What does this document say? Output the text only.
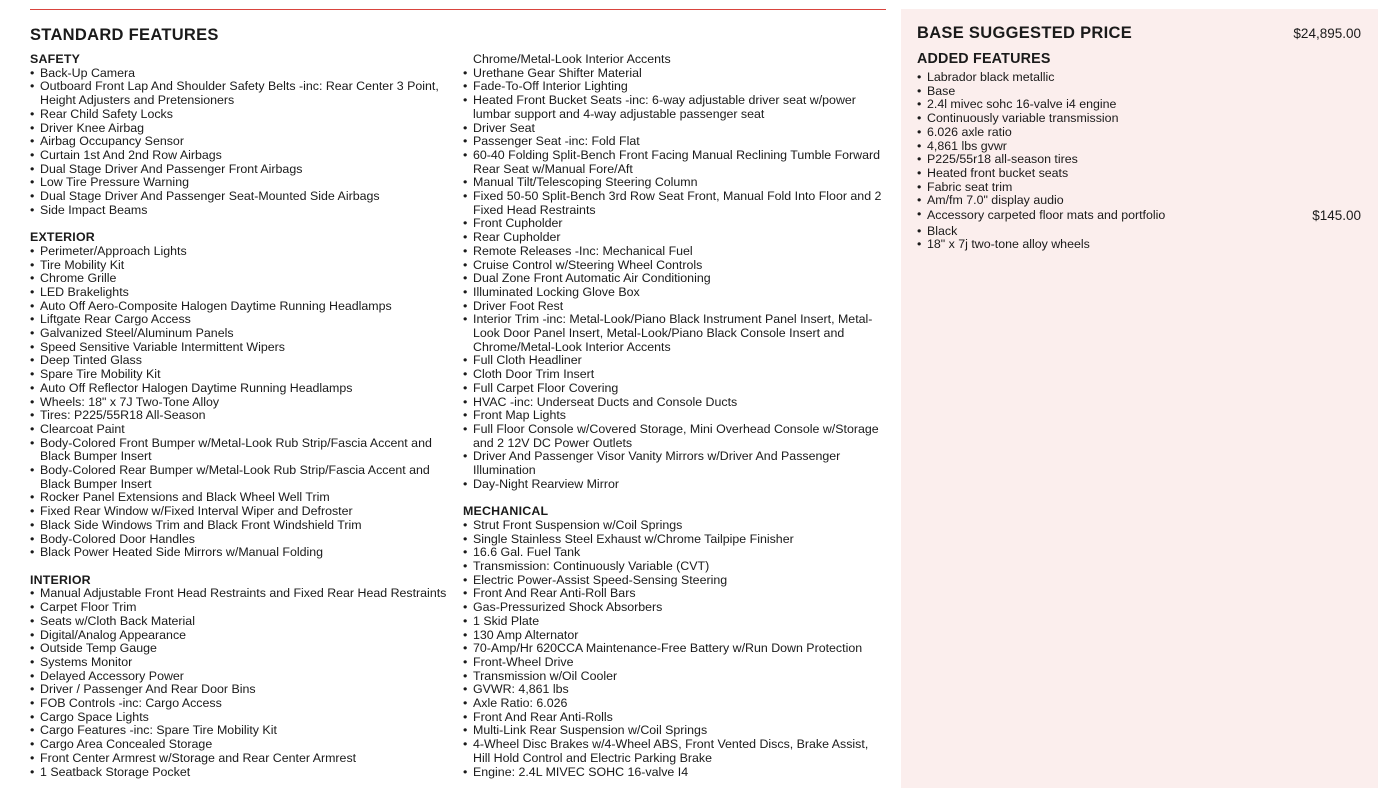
STANDARD FEATURES
SAFETY
• Back-Up Camera
• Outboard Front Lap And Shoulder Safety Belts -inc: Rear Center 3 Point, Height Adjusters and Pretensioners
• Rear Child Safety Locks
• Driver Knee Airbag
• Airbag Occupancy Sensor
• Curtain 1st And 2nd Row Airbags
• Dual Stage Driver And Passenger Front Airbags
• Low Tire Pressure Warning
• Dual Stage Driver And Passenger Seat-Mounted Side Airbags
• Side Impact Beams
EXTERIOR
• Perimeter/Approach Lights
• Tire Mobility Kit
• Chrome Grille
• LED Brakelights
• Auto Off Aero-Composite Halogen Daytime Running Headlamps
• Liftgate Rear Cargo Access
• Galvanized Steel/Aluminum Panels
• Speed Sensitive Variable Intermittent Wipers
• Deep Tinted Glass
• Spare Tire Mobility Kit
• Auto Off Reflector Halogen Daytime Running Headlamps
• Wheels: 18" x 7J Two-Tone Alloy
• Tires: P225/55R18 All-Season
• Clearcoat Paint
• Body-Colored Front Bumper w/Metal-Look Rub Strip/Fascia Accent and Black Bumper Insert
• Body-Colored Rear Bumper w/Metal-Look Rub Strip/Fascia Accent and Black Bumper Insert
• Rocker Panel Extensions and Black Wheel Well Trim
• Fixed Rear Window w/Fixed Interval Wiper and Defroster
• Black Side Windows Trim and Black Front Windshield Trim
• Body-Colored Door Handles
• Black Power Heated Side Mirrors w/Manual Folding
INTERIOR
• Manual Adjustable Front Head Restraints and Fixed Rear Head Restraints
• Carpet Floor Trim
• Seats w/Cloth Back Material
• Digital/Analog Appearance
• Outside Temp Gauge
• Systems Monitor
• Delayed Accessory Power
• Driver / Passenger And Rear Door Bins
• FOB Controls -inc: Cargo Access
• Cargo Space Lights
• Cargo Features -inc: Spare Tire Mobility Kit
• Cargo Area Concealed Storage
• Front Center Armrest w/Storage and Rear Center Armrest
• 1 Seatback Storage Pocket
Chrome/Metal-Look Interior Accents
• Urethane Gear Shifter Material
• Fade-To-Off Interior Lighting
• Heated Front Bucket Seats -inc: 6-way adjustable driver seat w/power lumbar support and 4-way adjustable passenger seat
• Driver Seat
• Passenger Seat -inc: Fold Flat
• 60-40 Folding Split-Bench Front Facing Manual Reclining Tumble Forward Rear Seat w/Manual Fore/Aft
• Manual Tilt/Telescoping Steering Column
• Fixed 50-50 Split-Bench 3rd Row Seat Front, Manual Fold Into Floor and 2 Fixed Head Restraints
• Front Cupholder
• Rear Cupholder
• Remote Releases -Inc: Mechanical Fuel
• Cruise Control w/Steering Wheel Controls
• Dual Zone Front Automatic Air Conditioning
• Illuminated Locking Glove Box
• Driver Foot Rest
• Interior Trim -inc: Metal-Look/Piano Black Instrument Panel Insert, Metal-Look Door Panel Insert, Metal-Look/Piano Black Console Insert and Chrome/Metal-Look Interior Accents
• Full Cloth Headliner
• Cloth Door Trim Insert
• Full Carpet Floor Covering
• HVAC -inc: Underseat Ducts and Console Ducts
• Front Map Lights
• Full Floor Console w/Covered Storage, Mini Overhead Console w/Storage and 2 12V DC Power Outlets
• Driver And Passenger Visor Vanity Mirrors w/Driver And Passenger Illumination
• Day-Night Rearview Mirror
MECHANICAL
• Strut Front Suspension w/Coil Springs
• Single Stainless Steel Exhaust w/Chrome Tailpipe Finisher
• 16.6 Gal. Fuel Tank
• Transmission: Continuously Variable (CVT)
• Electric Power-Assist Speed-Sensing Steering
• Front And Rear Anti-Roll Bars
• Gas-Pressurized Shock Absorbers
• 1 Skid Plate
• 130 Amp Alternator
• 70-Amp/Hr 620CCA Maintenance-Free Battery w/Run Down Protection
• Front-Wheel Drive
• Transmission w/Oil Cooler
• GVWR: 4,861 lbs
• Axle Ratio: 6.026
• Front And Rear Anti-Rolls
• Multi-Link Rear Suspension w/Coil Springs
• 4-Wheel Disc Brakes w/4-Wheel ABS, Front Vented Discs, Brake Assist, Hill Hold Control and Electric Parking Brake
• Engine: 2.4L MIVEC SOHC 16-valve I4
BASE SUGGESTED PRICE	$24,895.00
ADDED FEATURES
• Labrador black metallic
• Base
• 2.4l mivec sohc 16-valve i4 engine
• Continuously variable transmission
• 6.026 axle ratio
• 4,861 lbs gvwr
• P225/55r18 all-season tires
• Heated front bucket seats
• Fabric seat trim
• Am/fm 7.0" display audio
• Accessory carpeted floor mats and portfolio	$145.00
• Black
• 18" x 7j two-tone alloy wheels
